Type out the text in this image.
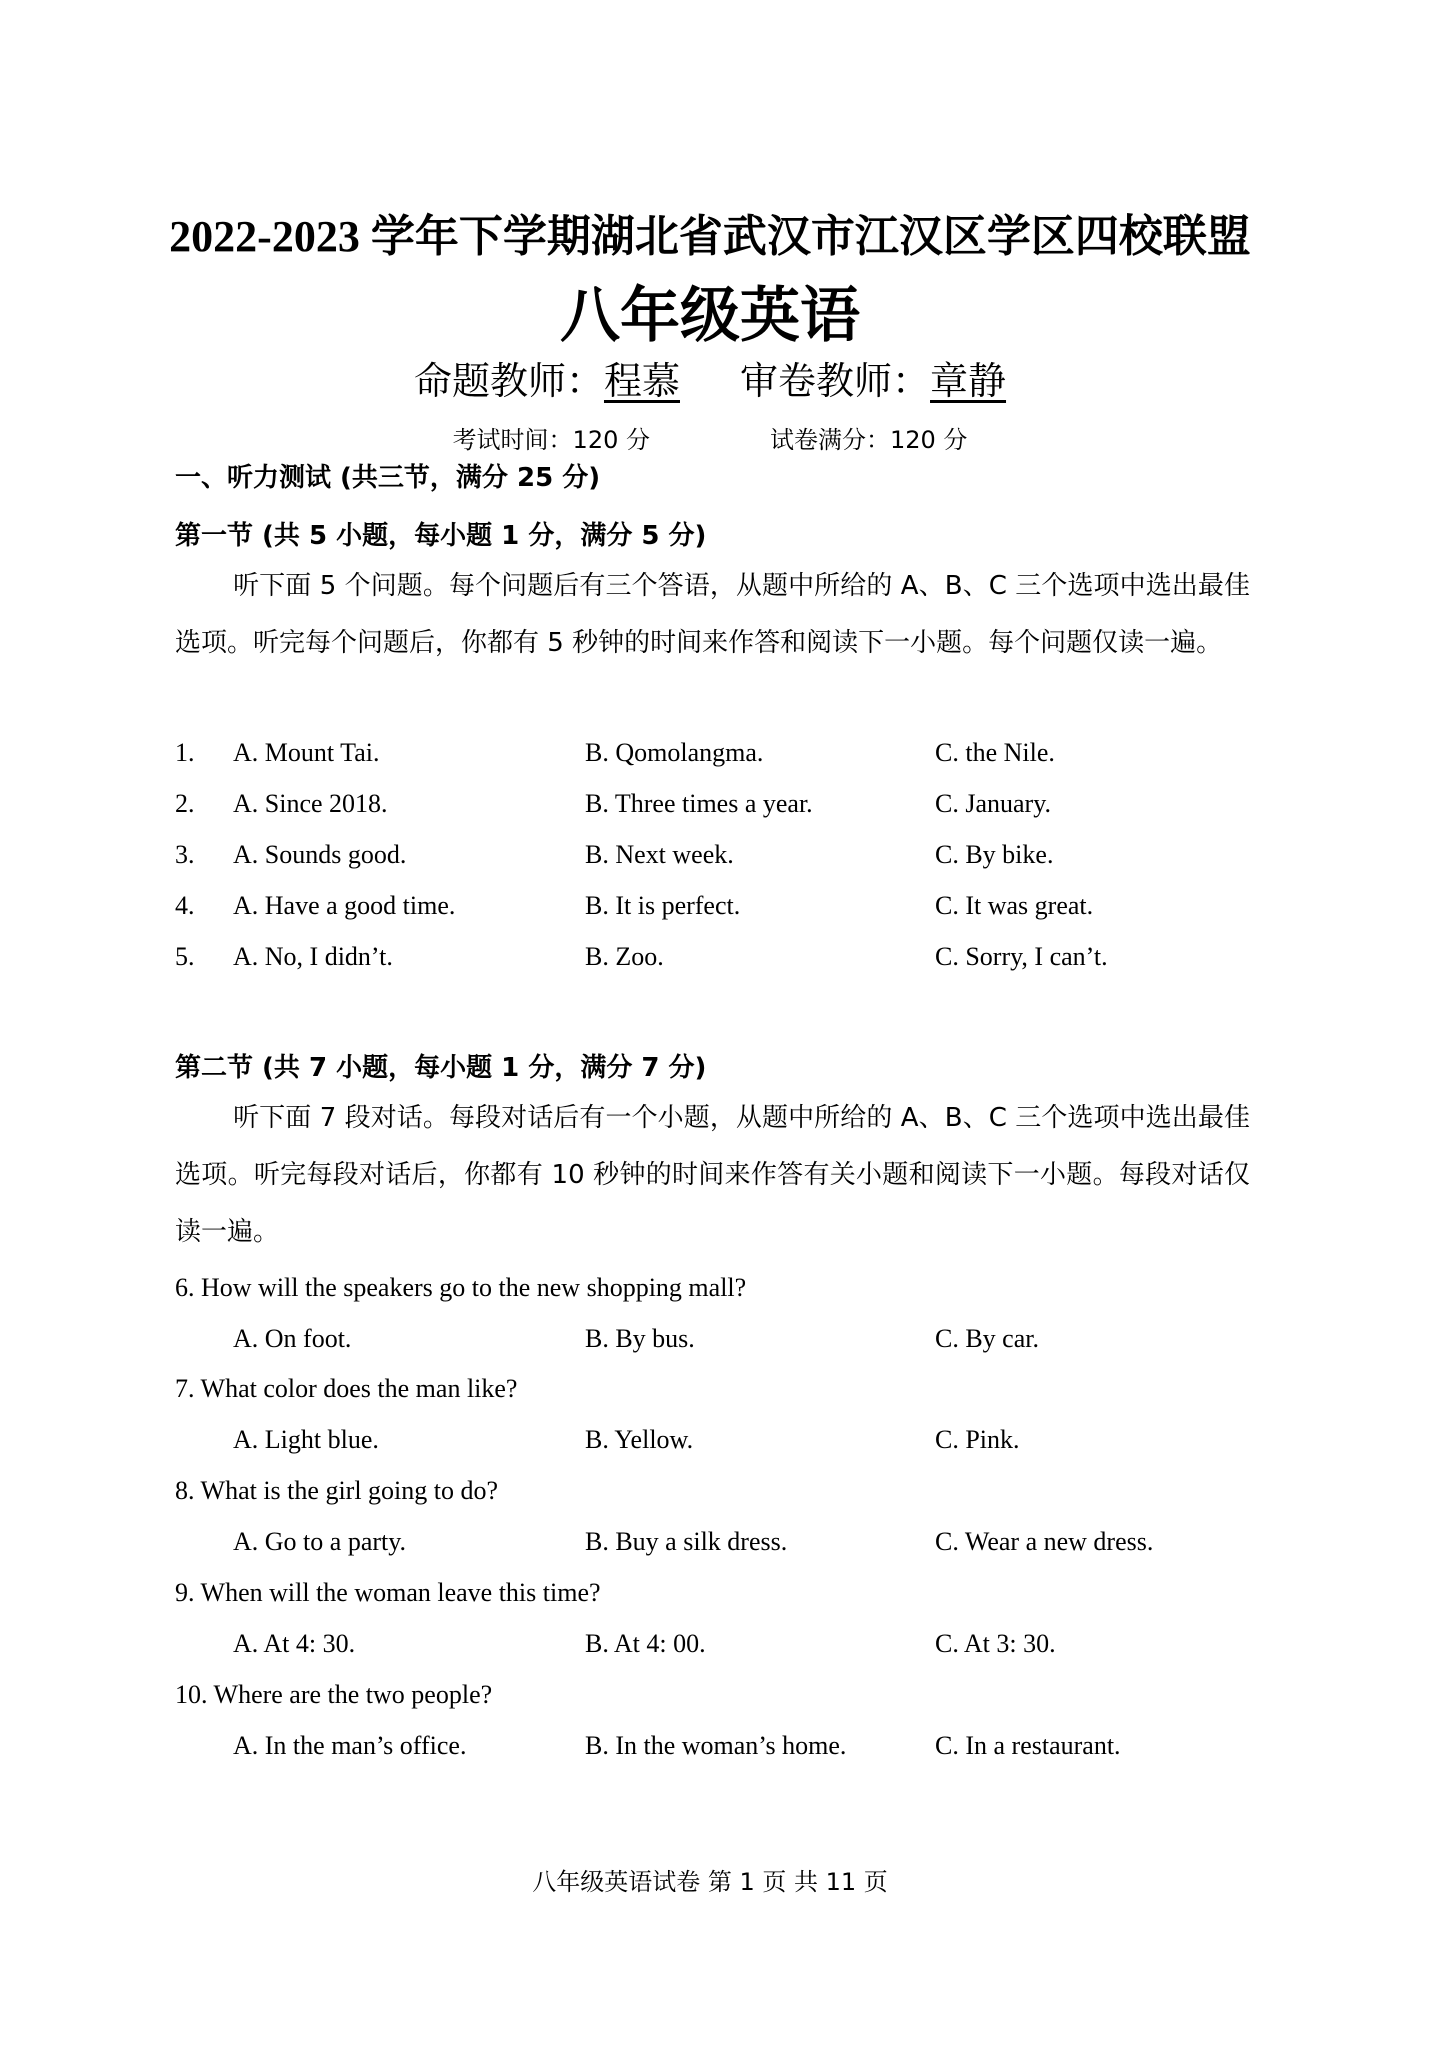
2022-2023 学年下学期湖北省武汉市江汉区学区四校联盟
八年级英语
命题教师：程慕 审卷教师：章静
考试时间：120 分	试卷满分：120 分
一、听力测试 (共三节，满分 25 分)
第一节 (共 5 小题，每小题 1 分，满分 5 分)
听下面 5 个问题。每个问题后有三个答语，从题中所给的 A、B、C 三个选项中选出最佳选项。听完每个问题后，你都有 5 秒钟的时间来作答和阅读下一小题。每个问题仅读一遍。
1. A. Mount Tai.	B. Qomolangma.	C. the Nile.
2. A. Since 2018.	B. Three times a year.	C. January.
3. A. Sounds good.	B. Next week.	C. By bike.
4. A. Have a good time.	B. It is perfect.	C. It was great.
5. A. No, I didn’t.	B. Zoo.	C. Sorry, I can’t.
第二节 (共 7 小题，每小题 1 分，满分 7 分)
听下面 7 段对话。每段对话后有一个小题，从题中所给的 A、B、C 三个选项中选出最佳选项。听完每段对话后，你都有 10 秒钟的时间来作答有关小题和阅读下一小题。每段对话仅读一遍。
6. How will the speakers go to the new shopping mall?
A. On foot.	B. By bus.	C. By car.
7. What color does the man like?
A. Light blue.	B. Yellow.	C. Pink.
8. What is the girl going to do?
A. Go to a party.	B. Buy a silk dress.	C. Wear a new dress.
9. When will the woman leave this time?
A. At 4: 30.	B. At 4: 00.	C. At 3: 30.
10. Where are the two people?
A. In the man’s office.	B. In the woman’s home.	C. In a restaurant.
八年级英语试卷 第 1 页 共 11 页
